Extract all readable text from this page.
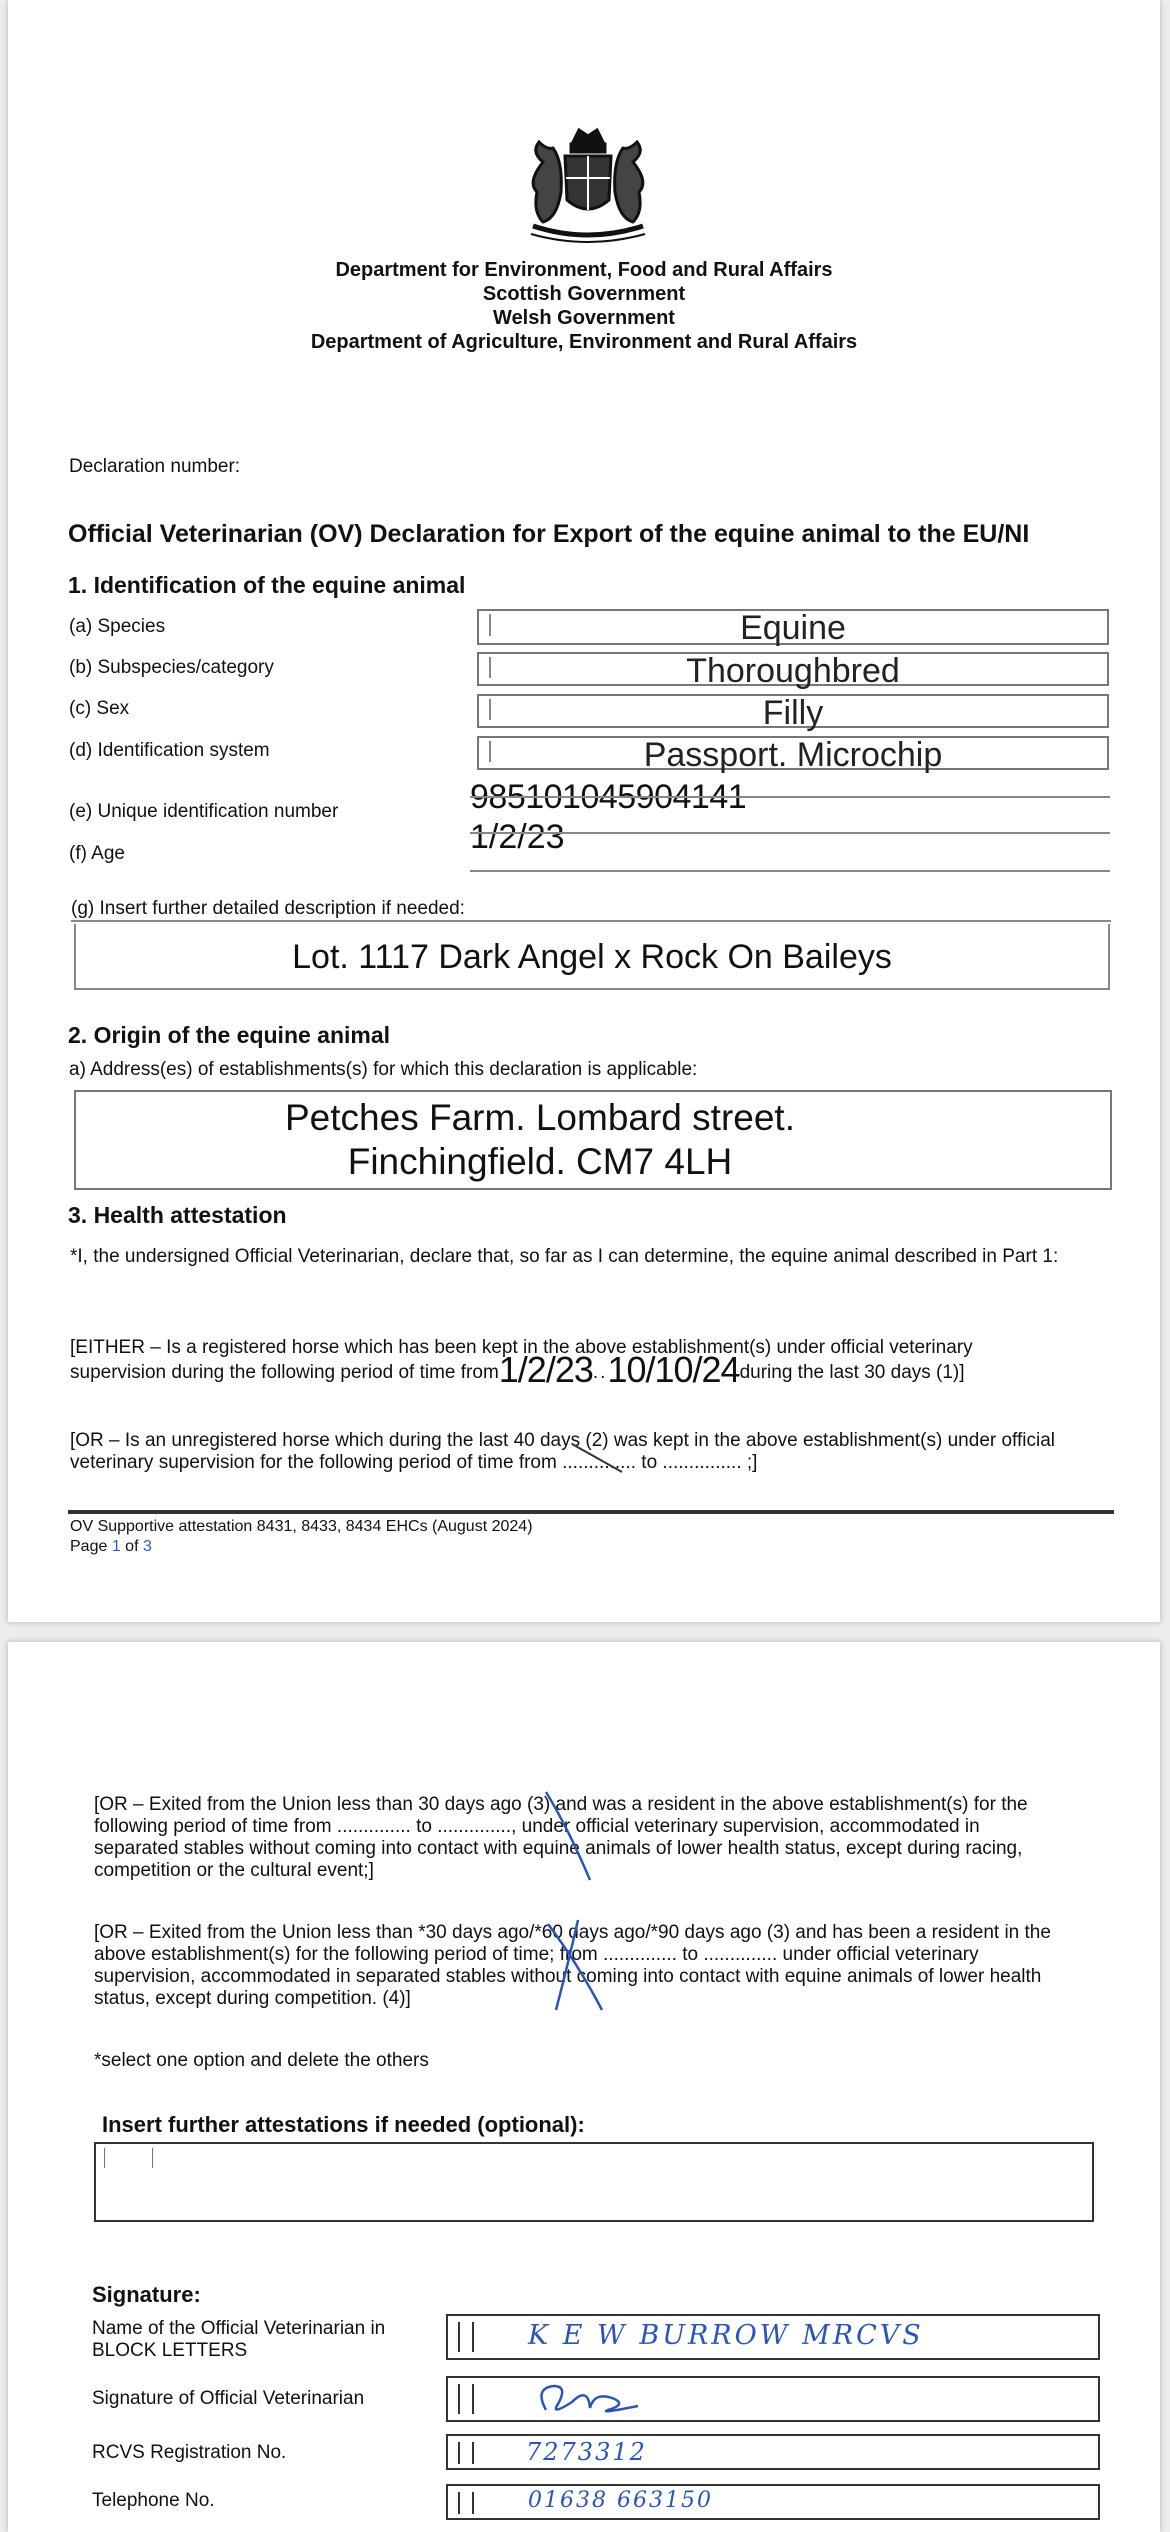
Department for Environment, Food and Rural Affairs
Scottish Government
Welsh Government
Department of Agriculture, Environment and Rural Affairs
Declaration number:
Official Veterinarian (OV) Declaration for Export of the equine animal to the EU/NI
1. Identification of the equine animal
(a) Species	Equine
(b) Subspecies/category	Thoroughbred
(c) Sex	Filly
(d) Identification system	Passport. Microchip
(e) Unique identification number	985101045904141
(f) Age	1/2/23
(g) Insert further detailed description if needed:
Lot. 1117 Dark Angel x Rock On Baileys
2. Origin of the equine animal
a) Address(es) of establishments(s) for which this declaration is applicable:
Petches Farm. Lombard street.
Finchingfield. CM7 4LH
3. Health attestation
*I, the undersigned Official Veterinarian, declare that, so far as I can determine, the equine animal described in Part 1:
[EITHER – Is a registered horse which has been kept in the above establishment(s) under official veterinary
supervision during the following period of time from1/2/23..10/10/24during the last 30 days (1)]
[OR – Is an unregistered horse which during the last 40 days (2) was kept in the above establishment(s) under official
veterinary supervision for the following period of time from .............. to ............... ;]
OV Supportive attestation 8431, 8433, 8434 EHCs (August 2024)
Page 1 of 3
[OR – Exited from the Union less than 30 days ago (3) and was a resident in the above establishment(s) for the
following period of time from .............. to .............., under official veterinary supervision, accommodated in
separated stables without coming into contact with equine animals of lower health status, except during racing,
competition or the cultural event;]
[OR – Exited from the Union less than *30 days ago/*60 days ago/*90 days ago (3) and has been a resident in the
above establishment(s) for the following period of time; from .............. to .............. under official veterinary
supervision, accommodated in separated stables without coming into contact with equine animals of lower health
status, except during competition. (4)]
*select one option and delete the others
Insert further attestations if needed (optional):
Signature:
Name of the Official Veterinarian in
BLOCK LETTERS	K E W BURROW MRCVS
Signature of Official Veterinarian
RCVS Registration No.	7273312
Telephone No.	01638 663150
